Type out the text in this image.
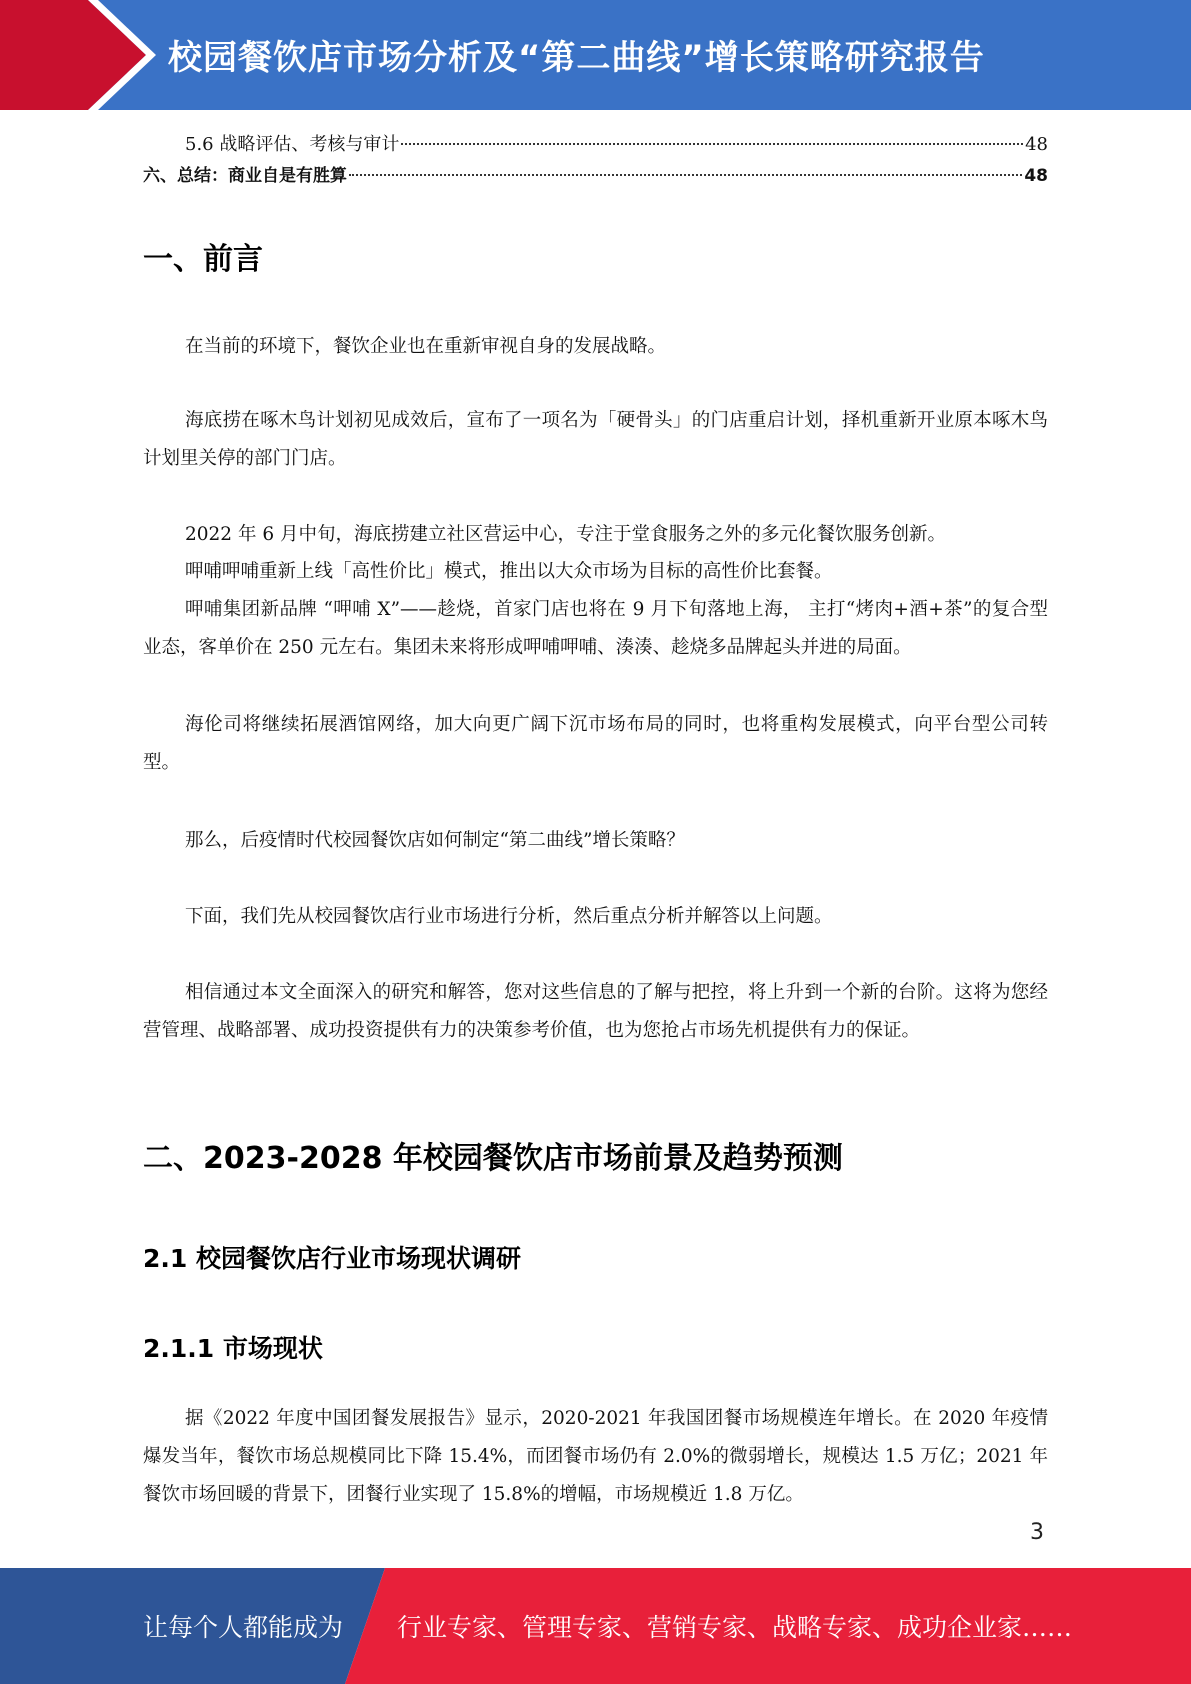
校园餐饮店市场分析及“第二曲线”增长策略研究报告
5.6 战略评估、考核与审计	48
六、总结：商业自是有胜算	48
一、前言

在当前的环境下，餐饮企业也在重新审视自身的发展战略。

海底捞在啄木鸟计划初见成效后，宣布了一项名为「硬骨头」的门店重启计划，择机重新开业原本啄木鸟计划里关停的部门门店。

2022 年 6 月中旬，海底捞建立社区营运中心，专注于堂食服务之外的多元化餐饮服务创新。

呷哺呷哺重新上线「高性价比」模式，推出以大众市场为目标的高性价比套餐。

呷哺集团新品牌 “呷哺 X”——趁烧，首家门店也将在 9 月下旬落地上海， 主打“烤肉+酒+茶”的复合型业态，客单价在 250 元左右。集团未来将形成呷哺呷哺、湊湊、趁烧多品牌起头并进的局面。

海伦司将继续拓展酒馆网络，加大向更广阔下沉市场布局的同时，也将重构发展模式，向平台型公司转型。

那么，后疫情时代校园餐饮店如何制定“第二曲线”增长策略？

下面，我们先从校园餐饮店行业市场进行分析，然后重点分析并解答以上问题。

相信通过本文全面深入的研究和解答，您对这些信息的了解与把控，将上升到一个新的台阶。这将为您经营管理、战略部署、成功投资提供有力的决策参考价值，也为您抢占市场先机提供有力的保证。

二、2023-2028 年校园餐饮店市场前景及趋势预测
2.1 校园餐饮店行业市场现状调研
2.1.1 市场现状

据《2022 年度中国团餐发展报告》显示，2020-2021 年我国团餐市场规模连年增长。在 2020 年疫情爆发当年，餐饮市场总规模同比下降 15.4%，而团餐市场仍有 2.0%的微弱增长，规模达 1.5 万亿；2021 年餐饮市场回暖的背景下，团餐行业实现了 15.8%的增幅，市场规模近 1.8 万亿。

3
让每个人都能成为 行业专家、管理专家、营销专家、战略专家、成功企业家……
